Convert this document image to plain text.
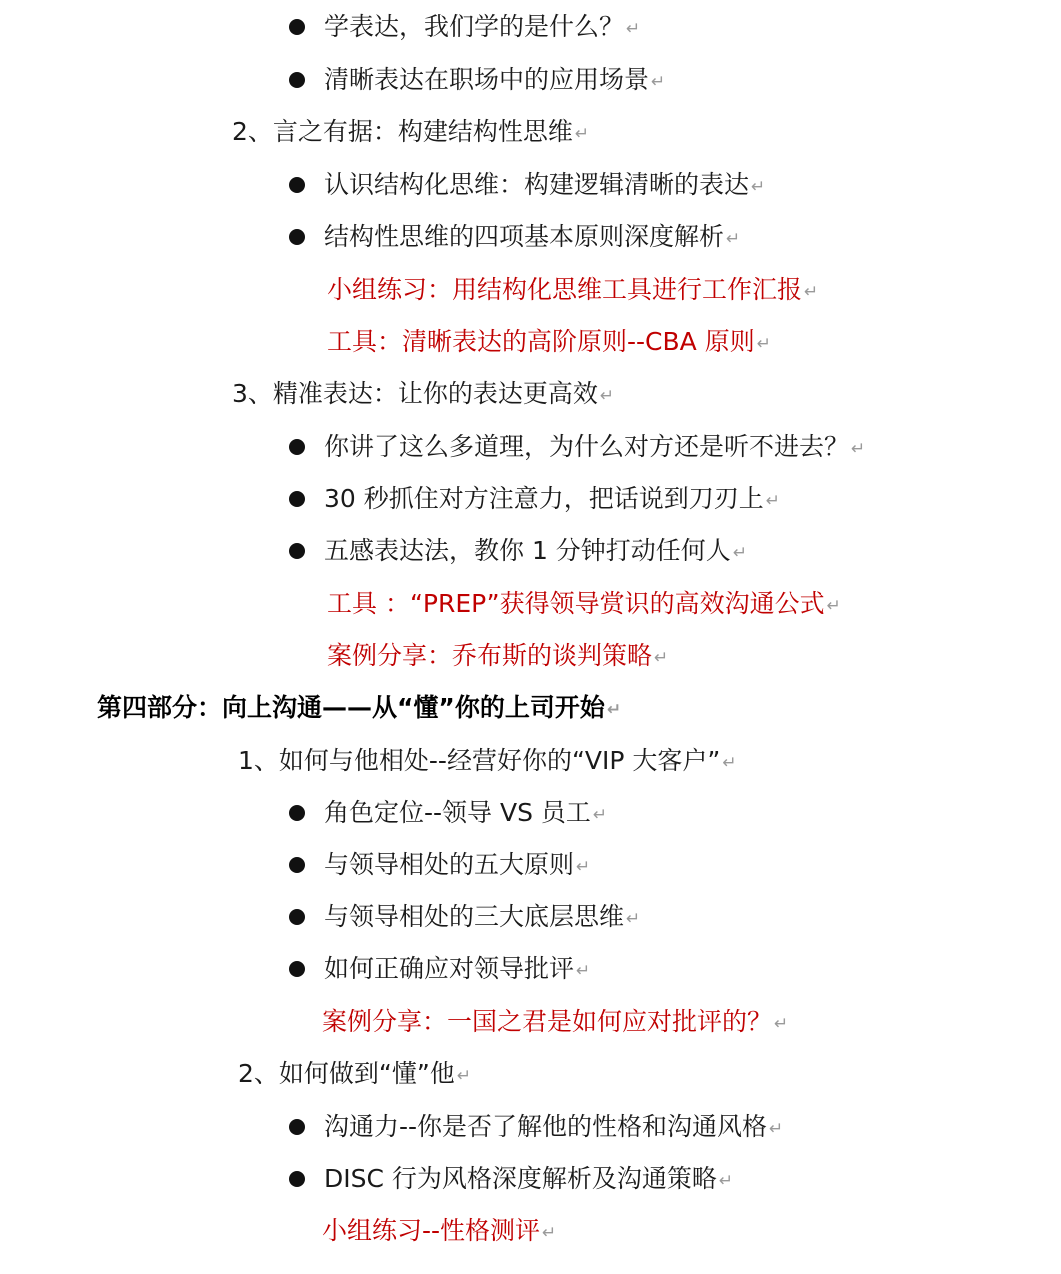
学表达，我们学的是什么？ ↵
清晰表达在职场中的应用场景 ↵
2、言之有据：构建结构性思维 ↵
认识结构化思维：构建逻辑清晰的表达 ↵
结构性思维的四项基本原则深度解析 ↵
小组练习：用结构化思维工具进行工作汇报 ↵
工具：清晰表达的高阶原则--CBA 原则 ↵
3、精准表达：让你的表达更高效 ↵
你讲了这么多道理，为什么对方还是听不进去？ ↵
30 秒抓住对方注意力，把话说到刀刃上 ↵
五感表达法，教你 1 分钟打动任何人 ↵
工具 ：“PREP”获得领导赏识的高效沟通公式 ↵
案例分享：乔布斯的谈判策略 ↵
第四部分：向上沟通——从“懂”你的上司开始 ↵
1、如何与他相处--经营好你的“VIP 大客户” ↵
角色定位--领导 VS 员工 ↵
与领导相处的五大原则 ↵
与领导相处的三大底层思维 ↵
如何正确应对领导批评 ↵
案例分享：一国之君是如何应对批评的？ ↵
2、如何做到“懂”他 ↵
沟通力--你是否了解他的性格和沟通风格 ↵
DISC 行为风格深度解析及沟通策略 ↵
小组练习--性格测评 ↵
